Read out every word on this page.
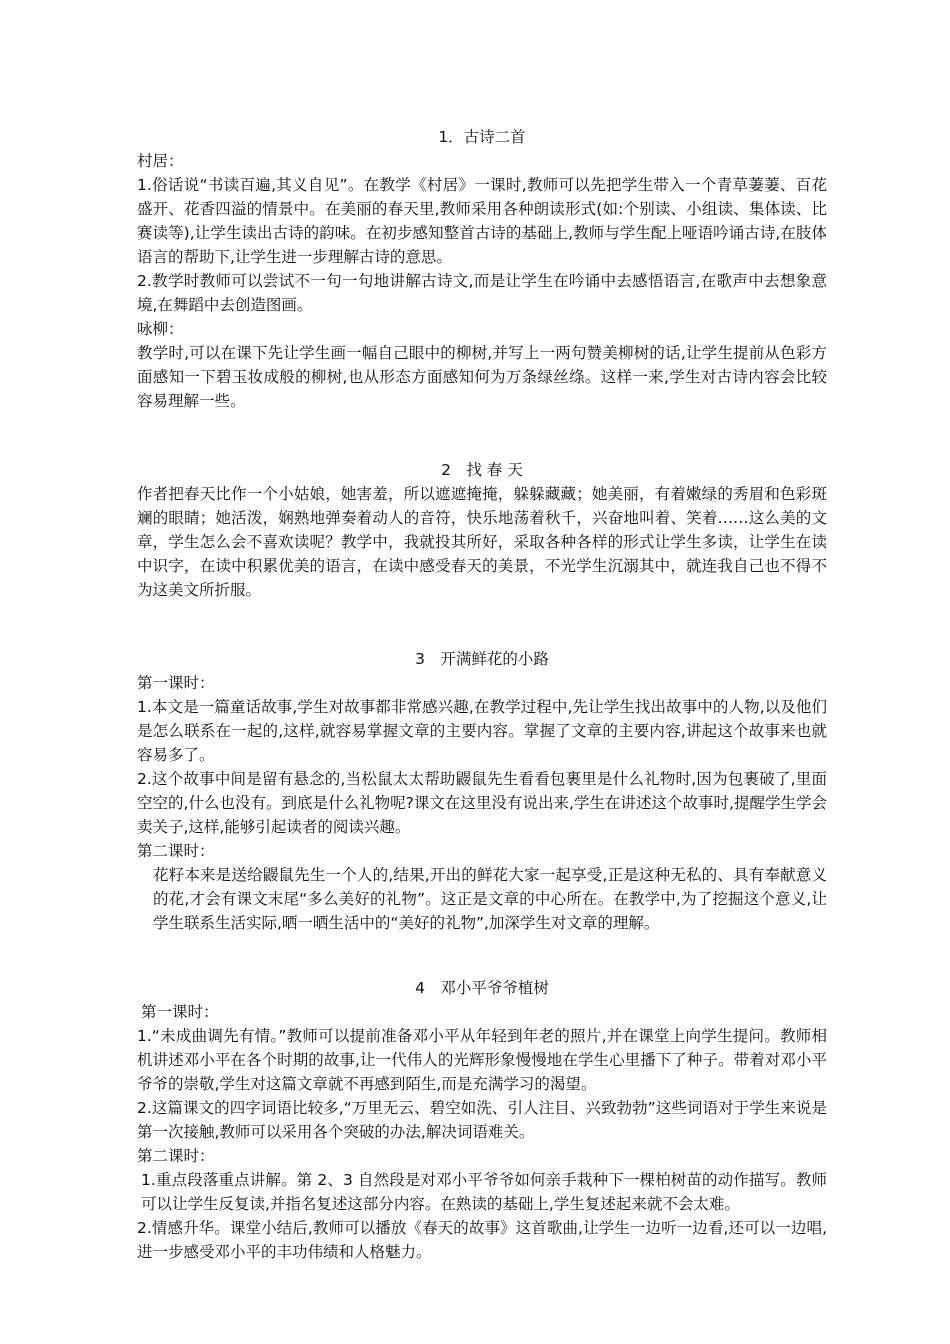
1．古诗二首

村居：

1.俗话说“书读百遍,其义自见”。在教学《村居》一课时,教师可以先把学生带入一个青草萋萋、百花盛开、花香四溢的情景中。在美丽的春天里,教师采用各种朗读形式(如:个别读、小组读、集体读、比赛读等),让学生读出古诗的韵味。在初步感知整首古诗的基础上,教师与学生配上哑语吟诵古诗,在肢体语言的帮助下,让学生进一步理解古诗的意思。

2.教学时教师可以尝试不一句一句地讲解古诗文,而是让学生在吟诵中去感悟语言,在歌声中去想象意境,在舞蹈中去创造图画。

咏柳：

教学时,可以在课下先让学生画一幅自己眼中的柳树,并写上一两句赞美柳树的话,让学生提前从色彩方面感知一下碧玉妆成般的柳树,也从形态方面感知何为万条绿丝绦。这样一来,学生对古诗内容会比较容易理解一些。

2　找 春 天

作者把春天比作一个小姑娘，她害羞，所以遮遮掩掩，躲躲藏藏；她美丽，有着嫩绿的秀眉和色彩斑斓的眼睛；她活泼，娴熟地弹奏着动人的音符，快乐地荡着秋千，兴奋地叫着、笑着……这么美的文章，学生怎么会不喜欢读呢？教学中，我就投其所好，采取各种各样的形式让学生多读，让学生在读中识字，在读中积累优美的语言，在读中感受春天的美景，不光学生沉溺其中，就连我自己也不得不为这美文所折服。

3　开满鲜花的小路

第一课时：

1.本文是一篇童话故事,学生对故事都非常感兴趣,在教学过程中,先让学生找出故事中的人物,以及他们是怎么联系在一起的,这样,就容易掌握文章的主要内容。掌握了文章的主要内容,讲起这个故事来也就容易多了。

2.这个故事中间是留有悬念的,当松鼠太太帮助鼹鼠先生看看包裹里是什么礼物时,因为包裹破了,里面空空的,什么也没有。到底是什么礼物呢?课文在这里没有说出来,学生在讲述这个故事时,提醒学生学会卖关子,这样,能够引起读者的阅读兴趣。

第二课时：

花籽本来是送给鼹鼠先生一个人的,结果,开出的鲜花大家一起享受,正是这种无私的、具有奉献意义的花,才会有课文末尾“多么美好的礼物”。这正是文章的中心所在。在教学中,为了挖掘这个意义,让学生联系生活实际,晒一晒生活中的“美好的礼物”,加深学生对文章的理解。

4　邓小平爷爷植树

第一课时：

1.“未成曲调先有情。”教师可以提前准备邓小平从年轻到年老的照片,并在课堂上向学生提问。教师相机讲述邓小平在各个时期的故事,让一代伟人的光辉形象慢慢地在学生心里播下了种子。带着对邓小平爷爷的崇敬,学生对这篇文章就不再感到陌生,而是充满学习的渴望。

2.这篇课文的四字词语比较多,“万里无云、碧空如洗、引人注目、兴致勃勃”这些词语对于学生来说是第一次接触,教师可以采用各个突破的办法,解决词语难关。

第二课时：

1.重点段落重点讲解。第 2、3 自然段是对邓小平爷爷如何亲手栽种下一棵柏树苗的动作描写。教师可以让学生反复读,并指名复述这部分内容。在熟读的基础上,学生复述起来就不会太难。

2.情感升华。课堂小结后,教师可以播放《春天的故事》这首歌曲,让学生一边听一边看,还可以一边唱,进一步感受邓小平的丰功伟绩和人格魅力。
